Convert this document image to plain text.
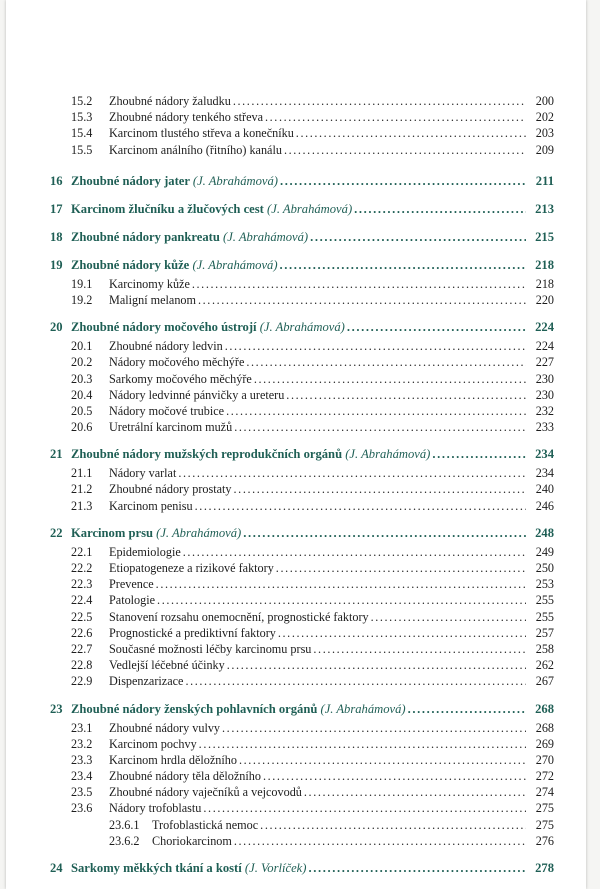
15.2 Zhoubné nádory žaludku .....	200
15.3 Zhoubné nádory tenkého střeva .....	202
15.4 Karcinom tlustého střeva a konečníku .....	203
15.5 Karcinom análního (řitního) kanálu .....	209
16 Zhoubné nádory jater (J. Abrahámová) .....	211
17 Karcinom žlučníku a žlučových cest (J. Abrahámová) .....	213
18 Zhoubné nádory pankreatu (J. Abrahámová) .....	215
19 Zhoubné nádory kůže (J. Abrahámová) .....	218
19.1 Karcinomy kůže .....	218
19.2 Maligní melanom .....	220
20 Zhoubné nádory močového ústrojí (J. Abrahámová) .....	224
20.1 Zhoubné nádory ledvin .....	224
20.2 Nádory močového měchýře .....	227
20.3 Sarkomy močového měchýře .....	230
20.4 Nádory ledvinné pánvičky a ureteru .....	230
20.5 Nádory močové trubice .....	232
20.6 Uretrální karcinom mužů .....	233
21 Zhoubné nádory mužských reprodukčních orgánů (J. Abrahámová) .....	234
21.1 Nádory varlat .....	234
21.2 Zhoubné nádory prostaty .....	240
21.3 Karcinom penisu .....	246
22 Karcinom prsu (J. Abrahámová) .....	248
22.1 Epidemiologie .....	249
22.2 Etiopatogeneze a rizikové faktory .....	250
22.3 Prevence .....	253
22.4 Patologie .....	255
22.5 Stanovení rozsahu onemocnění, prognostické faktory .....	255
22.6 Prognostické a prediktivní faktory .....	257
22.7 Současné možnosti léčby karcinomu prsu .....	258
22.8 Vedlejší léčebné účinky .....	262
22.9 Dispenzarizace .....	267
23 Zhoubné nádory ženských pohlavních orgánů (J. Abrahámová) .....	268
23.1 Zhoubné nádory vulvy .....	268
23.2 Karcinom pochvy .....	269
23.3 Karcinom hrdla děložního .....	270
23.4 Zhoubné nádory těla děložního .....	272
23.5 Zhoubné nádory vaječníků a vejcovodů .....	274
23.6 Nádory trofoblastu .....	275
23.6.1 Trofoblastická nemoc .....	275
23.6.2 Choriokarcinom .....	276
24 Sarkomy měkkých tkání a kostí (J. Vorlíček) .....	278
